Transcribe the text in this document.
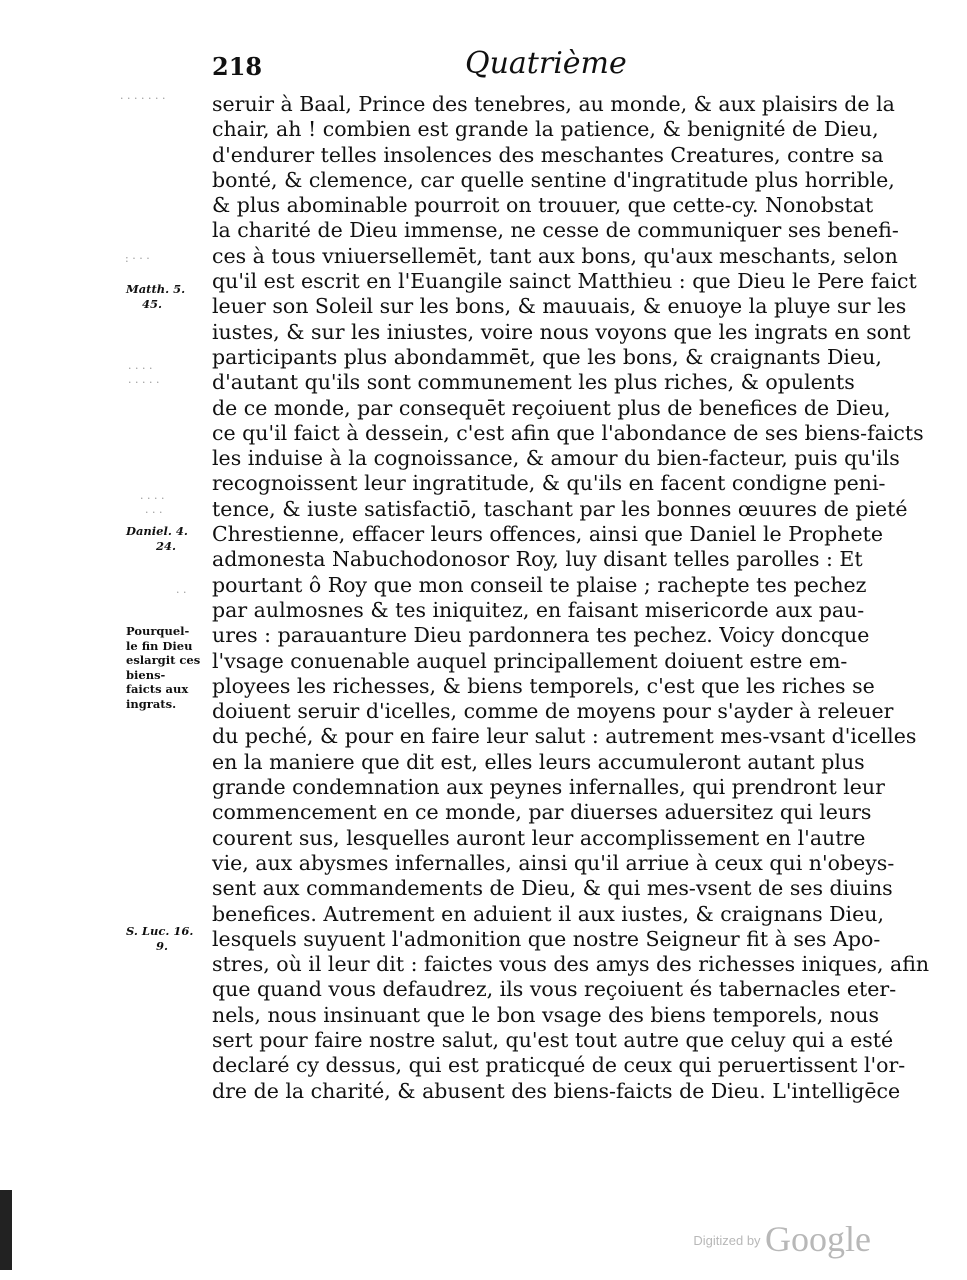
218	Quatrième
seruir à Baal, Prince des tenebres, au monde, & aux plaisirs de la
chair, ah ! combien est grande la patience, & benignité de Dieu,
d'endurer telles insolences des meschantes Creatures, contre sa
bonté, & clemence, car quelle sentine d'ingratitude plus horrible,
& plus abominable pourroit on trouuer, que cette-cy. Nonobstat
la charité de Dieu immense, ne cesse de communiquer ses benefi-
ces à tous vniuersellemēt, tant aux bons, qu'aux meschants, selon
qu'il est escrit en l'Euangile sainct Matthieu : que Dieu le Pere faict
leuer son Soleil sur les bons, & mauuais, & enuoye la pluye sur les
iustes, & sur les iniustes, voire nous voyons que les ingrats en sont
participants plus abondammēt, que les bons, & craignants Dieu,
d'autant qu'ils sont communement les plus riches, & opulents
de ce monde, par consequēt reçoiuent plus de benefices de Dieu,
ce qu'il faict à dessein, c'est afin que l'abondance de ses biens-faicts
les induise à la cognoissance, & amour du bien-facteur, puis qu'ils
recognoissent leur ingratitude, & qu'ils en facent condigne peni-
tence, & iuste satisfactiō, taschant par les bonnes œuures de pieté
Chrestienne, effacer leurs offences, ainsi que Daniel le Prophete
admonesta Nabuchodonosor Roy, luy disant telles parolles : Et
pourtant ô Roy que mon conseil te plaise ; rachepte tes pechez
par aulmosnes & tes iniquitez, en faisant misericorde aux pau-
ures : parauanture Dieu pardonnera tes pechez. Voicy doncque
l'vsage conuenable auquel principallement doiuent estre em-
ployees les richesses, & biens temporels, c'est que les riches se
doiuent seruir d'icelles, comme de moyens pour s'ayder à releuer
du peché, & pour en faire leur salut : autrement mes-vsant d'icelles
en la maniere que dit est, elles leurs accumuleront autant plus
grande condemnation aux peynes infernalles, qui prendront leur
commencement en ce monde, par diuerses aduersitez qui leurs
courent sus, lesquelles auront leur accomplissement en l'autre
vie, aux abysmes infernalles, ainsi qu'il arriue à ceux qui n'obeys-
sent aux commandements de Dieu, & qui mes-vsent de ses diuins
benefices. Autrement en aduient il aux iustes, & craignans Dieu,
lesquels suyuent l'admonition que nostre Seigneur fit à ses Apo-
stres, où il leur dit : faictes vous des amys des richesses iniques, afin
que quand vous defaudrez, ils vous reçoiuent és tabernacles eter-
nels, nous insinuant que le bon vsage des biens temporels, nous
sert pour faire nostre salut, qu'est tout autre que celuy qui a esté
declaré cy dessus, qui est praticqué de ceux qui peruertissent l'or-
dre de la charité, & abusent des biens-faicts de Dieu. L'intelligēce
· · · · · · ·
: · · ·
· · · ·
· · · · ·
· · · ·
· · ·
· ·
Matth. 5.
45.
Daniel. 4.
24.
Pourquel-
le fin Dieu
eslargit ces
biens-
faicts aux
ingrats.
S. Luc. 16.
9.
$^{Digitized by}$ Google
